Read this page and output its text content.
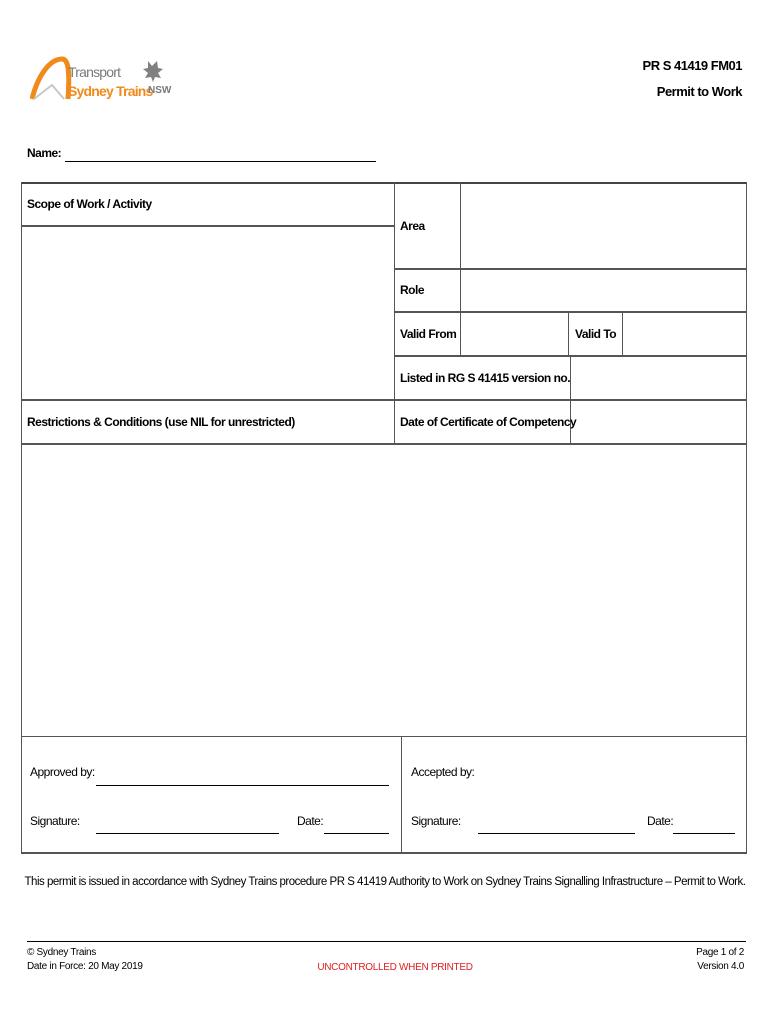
Transport
Sydney Trains
NSW
PR S 41419 FM01
Permit to Work
Name:
Scope of Work / Activity
Area
Role
Valid From	Valid To
Listed in RG S 41415 version no.
Restrictions & Conditions (use NIL for unrestricted)	Date of Certificate of Competency
Approved by:
Signature:	Date:
Accepted by:
Signature:	Date:
This permit is issued in accordance with Sydney Trains procedure PR S 41419 Authority to Work on Sydney Trains Signalling Infrastructure – Permit to Work.
© Sydney Trains
Date in Force: 20 May 2019	UNCONTROLLED WHEN PRINTED
Page 1 of 2
Version 4.0
